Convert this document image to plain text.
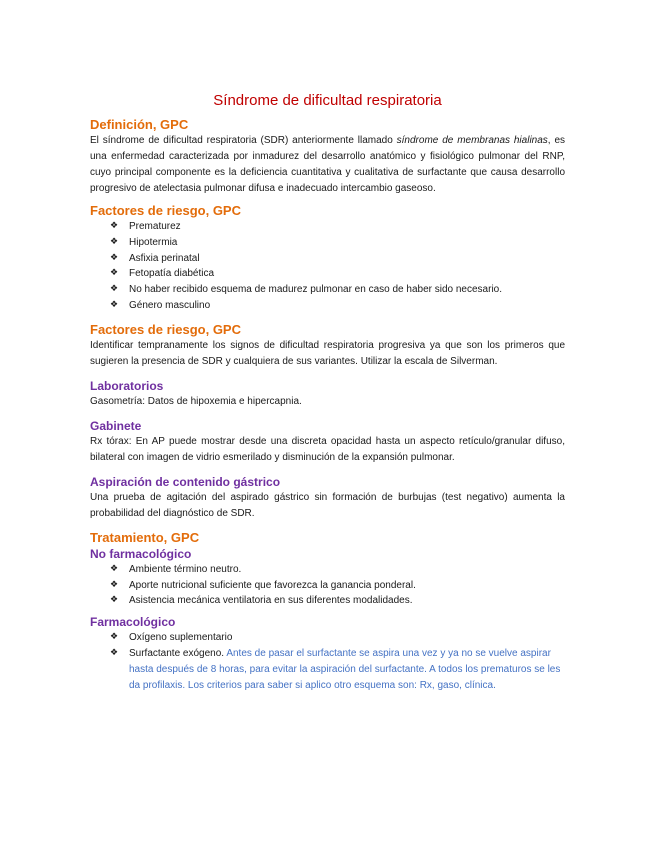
Síndrome de dificultad respiratoria
Definición, GPC

El síndrome de dificultad respiratoria (SDR) anteriormente llamado síndrome de membranas hialinas, es una enfermedad caracterizada por inmadurez del desarrollo anatómico y fisiológico pulmonar del RNP, cuyo principal componente es la deficiencia cuantitativa y cualitativa de surfactante que causa desarrollo progresivo de atelectasia pulmonar difusa e inadecuado intercambio gaseoso.

Factores de riesgo, GPC
❖ Prematurez
❖ Hipotermia
❖ Asfixia perinatal
❖ Fetopatía diabética
❖ No haber recibido esquema de madurez pulmonar en caso de haber sido necesario.
❖ Género masculino
Factores de riesgo, GPC

Identificar tempranamente los signos de dificultad respiratoria progresiva ya que son los primeros que sugieren la presencia de SDR y cualquiera de sus variantes. Utilizar la escala de Silverman.

Laboratorios

Gasometría: Datos de hipoxemia e hipercapnia.

Gabinete

Rx tórax: En AP puede mostrar desde una discreta opacidad hasta un aspecto retículo/granular difuso, bilateral con imagen de vidrio esmerilado y disminución de la expansión pulmonar.

Aspiración de contenido gástrico

Una prueba de agitación del aspirado gástrico sin formación de burbujas (test negativo) aumenta la probabilidad del diagnóstico de SDR.

Tratamiento, GPC
No farmacológico
❖ Ambiente término neutro.
❖ Aporte nutricional suficiente que favorezca la ganancia ponderal.
❖ Asistencia mecánica ventilatoria en sus diferentes modalidades.
Farmacológico
❖ Oxígeno suplementario
❖ Surfactante exógeno. Antes de pasar el surfactante se aspira una vez y ya no se vuelve aspirar hasta después de 8 horas, para evitar la aspiración del surfactante. A todos los prematuros se les da profilaxis. Los criterios para saber si aplico otro esquema son: Rx, gaso, clínica.
